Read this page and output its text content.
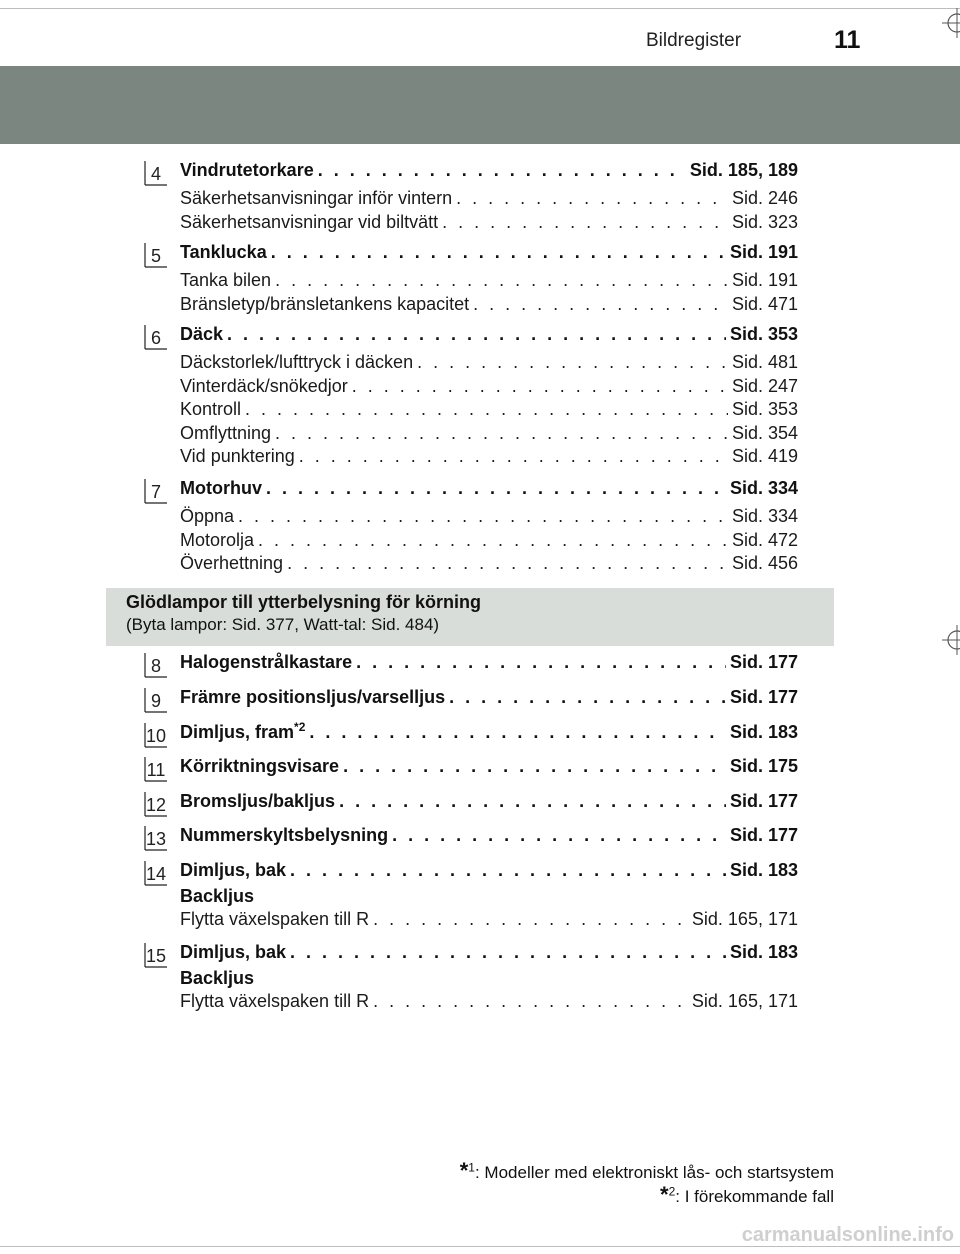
Bildregister	11
4 Vindrutetorkare . . .	Sid. 185, 189
Säkerhetsanvisningar inför vintern . . .	Sid. 246
Säkerhetsanvisningar vid biltvätt . . .	Sid. 323
5 Tanklucka . . .	Sid. 191
Tanka bilen . . .	Sid. 191
Bränsletyp/bränsletankens kapacitet . . .	Sid. 471
6 Däck . . .	Sid. 353
Däckstorlek/lufttryck i däcken . . .	Sid. 481
Vinterdäck/snökedjor . . .	Sid. 247
Kontroll . . .	Sid. 353
Omflyttning . . .	Sid. 354
Vid punktering . . .	Sid. 419
7 Motorhuv . . .	Sid. 334
Öppna . . .	Sid. 334
Motorolja . . .	Sid. 472
Överhettning . . .	Sid. 456
8 Halogenstrålkastare . . .	Sid. 177
9 Främre positionsljus/varselljus . . .	Sid. 177
10 Dimljus, fram$^{*2}$ . . .	Sid. 183
11 Körriktningsvisare . . .	Sid. 175
12 Bromsljus/bakljus . . .	Sid. 177
13 Nummerskyltsbelysning . . .	Sid. 177
14 Dimljus, bak . . .	Sid. 183
Backljus
Flytta växelspaken till R . . .	Sid. 165, 171
15 Dimljus, bak . . .	Sid. 183
Backljus
Flytta växelspaken till R . . .	Sid. 165, 171
Glödlampor till ytterbelysning för körning
(Byta lampor: Sid. 377, Watt-tal: Sid. 484)
*$^1$: Modeller med elektroniskt lås- och startsystem
*$^2$: I förekommande fall
carmanualsonline.info
